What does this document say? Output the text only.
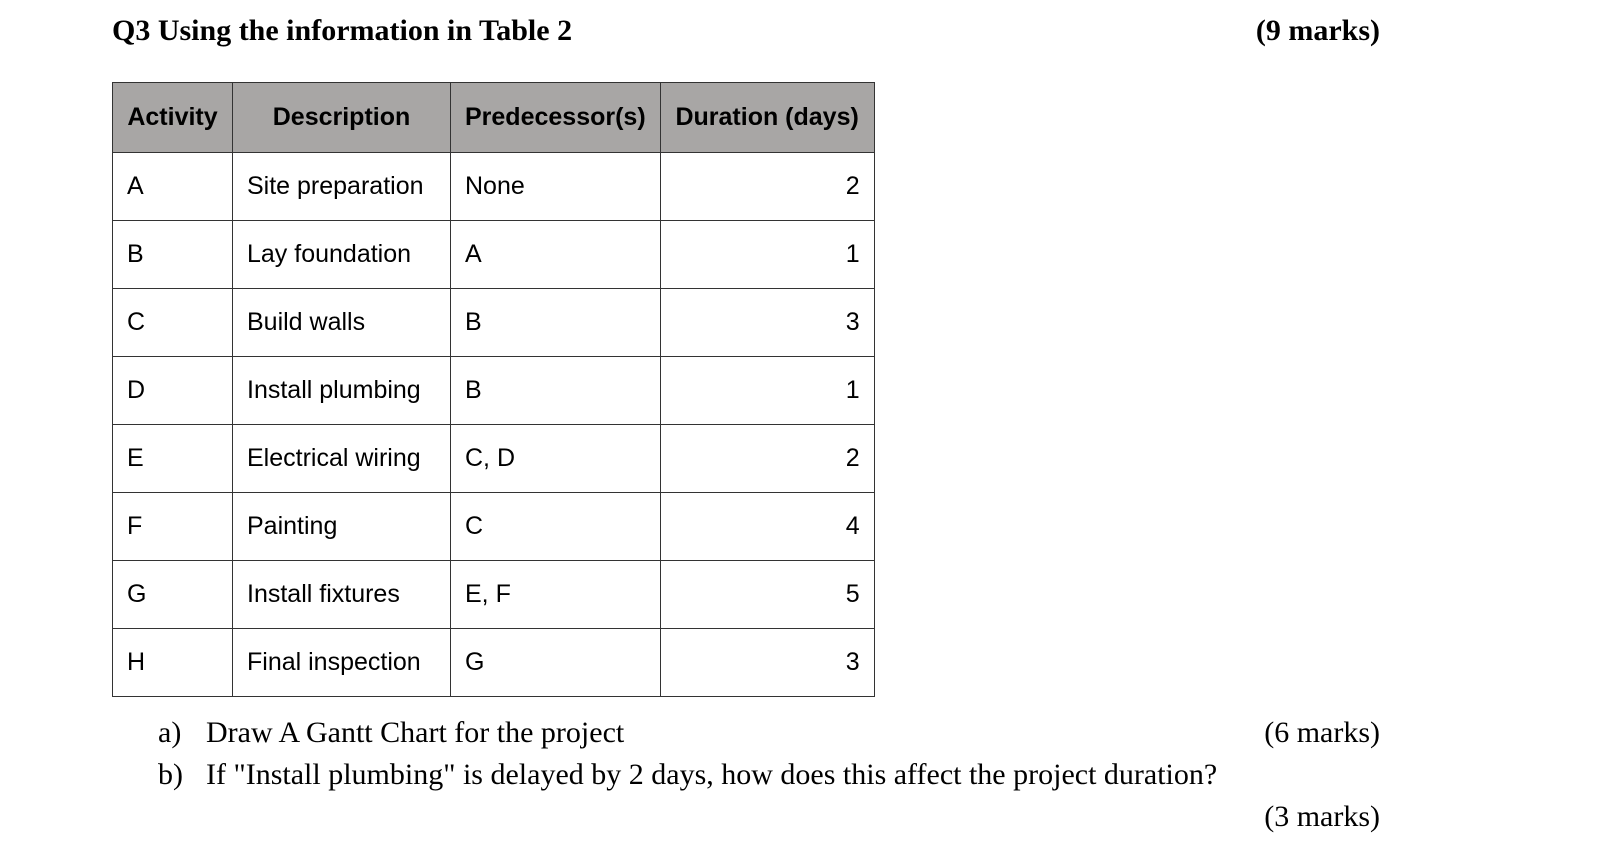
Q3 Using the information in Table 2	(9 marks)
Activity	Description	Predecessor(s)	Duration (days)
A	Site preparation	None	2
B	Lay foundation	A	1
C	Build walls	B	3
D	Install plumbing	B	1
E	Electrical wiring	C, D	2
F	Painting	C	4
G	Install fixtures	E, F	5
H	Final inspection	G	3
a) Draw A Gantt Chart for the project	(6 marks)
b) If "Install plumbing" is delayed by 2 days, how does this affect the project duration?
(3 marks)
